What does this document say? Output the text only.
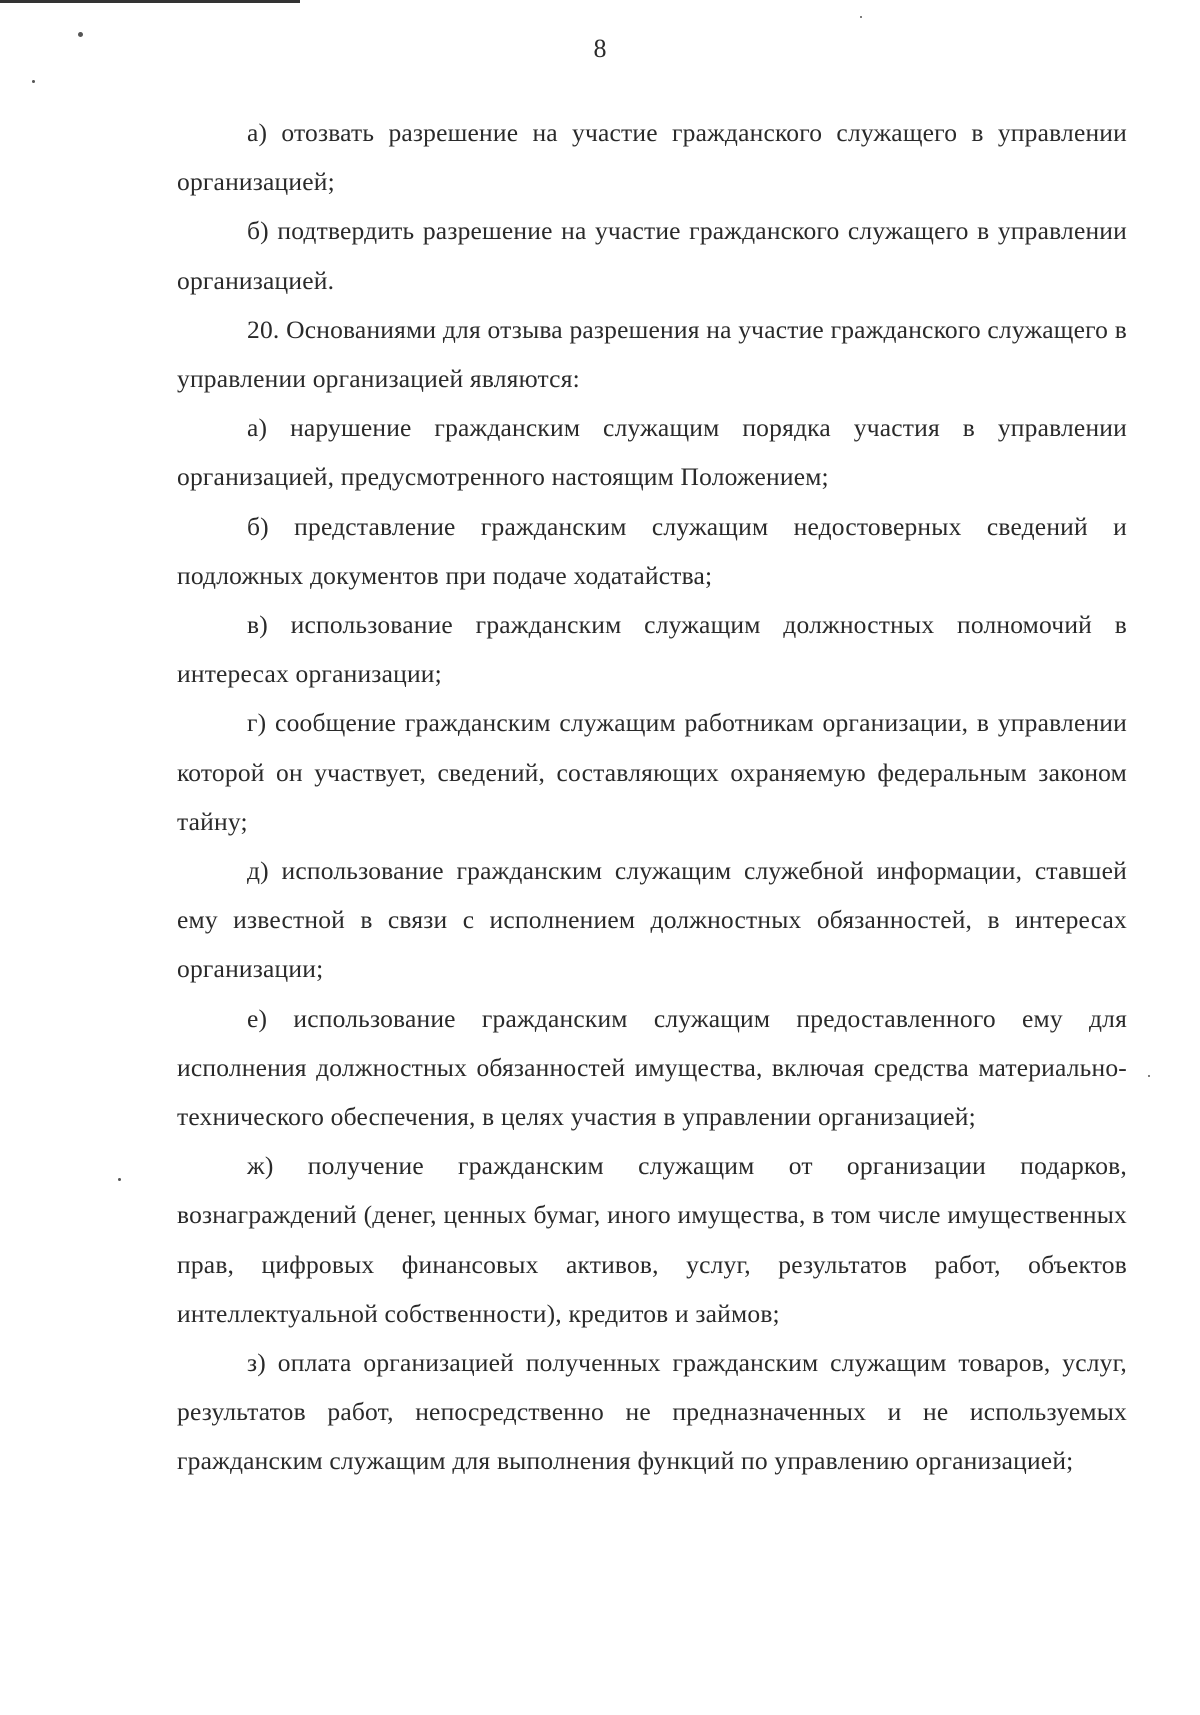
8

а) отозвать разрешение на участие гражданского служащего в управлении организацией;

б) подтвердить разрешение на участие гражданского служащего в управлении организацией.

20. Основаниями для отзыва разрешения на участие гражданского служащего в управлении организацией являются:

а) нарушение гражданским служащим порядка участия в управлении организацией, предусмотренного настоящим Положением;

б) представление гражданским служащим недостоверных сведений и подложных документов при подаче ходатайства;

в) использование гражданским служащим должностных полномочий в интересах организации;

г) сообщение гражданским служащим работникам организации, в управлении которой он участвует, сведений, составляющих охраняемую федеральным законом тайну;

д) использование гражданским служащим служебной информации, ставшей ему известной в связи с исполнением должностных обязанностей, в интересах организации;

е) использование гражданским служащим предоставленного ему для исполнения должностных обязанностей имущества, включая средства материально-технического обеспечения, в целях участия в управлении организацией;

ж) получение гражданским служащим от организации подарков, вознаграждений (денег, ценных бумаг, иного имущества, в том числе имущественных прав, цифровых финансовых активов, услуг, результатов работ, объектов интеллектуальной собственности), кредитов и займов;

з) оплата организацией полученных гражданским служащим товаров, услуг, результатов работ, непосредственно не предназначенных и не используемых гражданским служащим для выполнения функций по управлению организацией;
